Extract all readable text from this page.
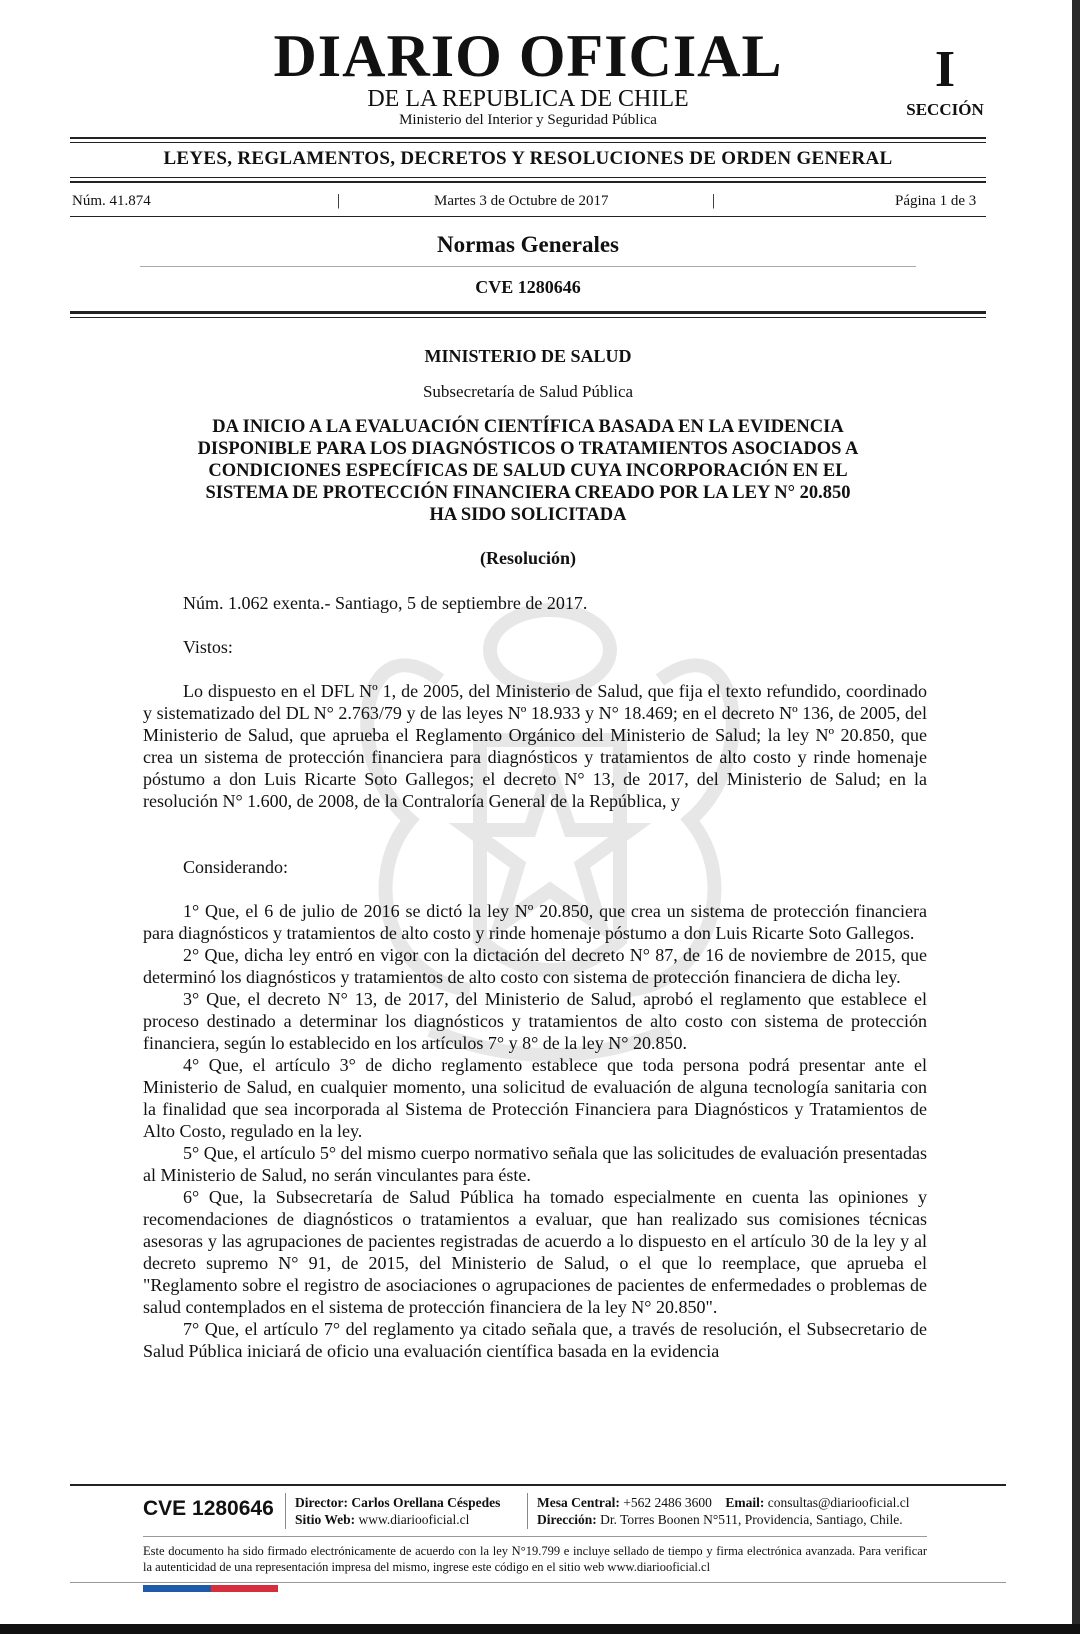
DIARIO OFICIAL
DE LA REPUBLICA DE CHILE
Ministerio del Interior y Seguridad Pública
I
SECCIÓN
LEYES, REGLAMENTOS, DECRETOS Y RESOLUCIONES DE ORDEN GENERAL
Núm. 41.874	|	Martes 3 de Octubre de 2017	|	Página 1 de 3
Normas Generales
CVE 1280646
MINISTERIO DE SALUD
Subsecretaría de Salud Pública
DA INICIO A LA EVALUACIÓN CIENTÍFICA BASADA EN LA EVIDENCIA
DISPONIBLE PARA LOS DIAGNÓSTICOS O TRATAMIENTOS ASOCIADOS A
CONDICIONES ESPECÍFICAS DE SALUD CUYA INCORPORACIÓN EN EL
SISTEMA DE PROTECCIÓN FINANCIERA CREADO POR LA LEY N° 20.850
HA SIDO SOLICITADA
(Resolución)

Núm. 1.062 exenta.- Santiago, 5 de septiembre de 2017.

Vistos:

Lo dispuesto en el DFL Nº 1, de 2005, del Ministerio de Salud, que fija el texto refundido, coordinado y sistematizado del DL N° 2.763/79 y de las leyes Nº 18.933 y N° 18.469; en el decreto Nº 136, de 2005, del Ministerio de Salud, que aprueba el Reglamento Orgánico del Ministerio de Salud; la ley Nº 20.850, que crea un sistema de protección financiera para diagnósticos y tratamientos de alto costo y rinde homenaje póstumo a don Luis Ricarte Soto Gallegos; el decreto N° 13, de 2017, del Ministerio de Salud; en la resolución N° 1.600, de 2008, de la Contraloría General de la República, y

Considerando:

1° Que, el 6 de julio de 2016 se dictó la ley Nº 20.850, que crea un sistema de protección financiera para diagnósticos y tratamientos de alto costo y rinde homenaje póstumo a don Luis Ricarte Soto Gallegos.

2° Que, dicha ley entró en vigor con la dictación del decreto N° 87, de 16 de noviembre de 2015, que determinó los diagnósticos y tratamientos de alto costo con sistema de protección financiera de dicha ley.

3° Que, el decreto N° 13, de 2017, del Ministerio de Salud, aprobó el reglamento que establece el proceso destinado a determinar los diagnósticos y tratamientos de alto costo con sistema de protección financiera, según lo establecido en los artículos 7° y 8° de la ley N° 20.850.

4° Que, el artículo 3° de dicho reglamento establece que toda persona podrá presentar ante el Ministerio de Salud, en cualquier momento, una solicitud de evaluación de alguna tecnología sanitaria con la finalidad que sea incorporada al Sistema de Protección Financiera para Diagnósticos y Tratamientos de Alto Costo, regulado en la ley.

5° Que, el artículo 5° del mismo cuerpo normativo señala que las solicitudes de evaluación presentadas al Ministerio de Salud, no serán vinculantes para éste.

6° Que, la Subsecretaría de Salud Pública ha tomado especialmente en cuenta las opiniones y recomendaciones de diagnósticos o tratamientos a evaluar, que han realizado sus comisiones técnicas asesoras y las agrupaciones de pacientes registradas de acuerdo a lo dispuesto en el artículo 30 de la ley y al decreto supremo N° 91, de 2015, del Ministerio de Salud, o el que lo reemplace, que aprueba el "Reglamento sobre el registro de asociaciones o agrupaciones de pacientes de enfermedades o problemas de salud contemplados en el sistema de protección financiera de la ley N° 20.850".

7° Que, el artículo 7° del reglamento ya citado señala que, a través de resolución, el Subsecretario de Salud Pública iniciará de oficio una evaluación científica basada en la evidencia

CVE 1280646 Director: Carlos Orellana Céspedes
Sitio Web: www.diariooficial.cl
Mesa Central: +562 2486 3600 Email: consultas@diariooficial.cl
Dirección: Dr. Torres Boonen N°511, Providencia, Santiago, Chile.
Este documento ha sido firmado electrónicamente de acuerdo con la ley N°19.799 e incluye sellado de tiempo y firma electrónica avanzada. Para verificar la autenticidad de una representación impresa del mismo, ingrese este código en el sitio web www.diariooficial.cl
